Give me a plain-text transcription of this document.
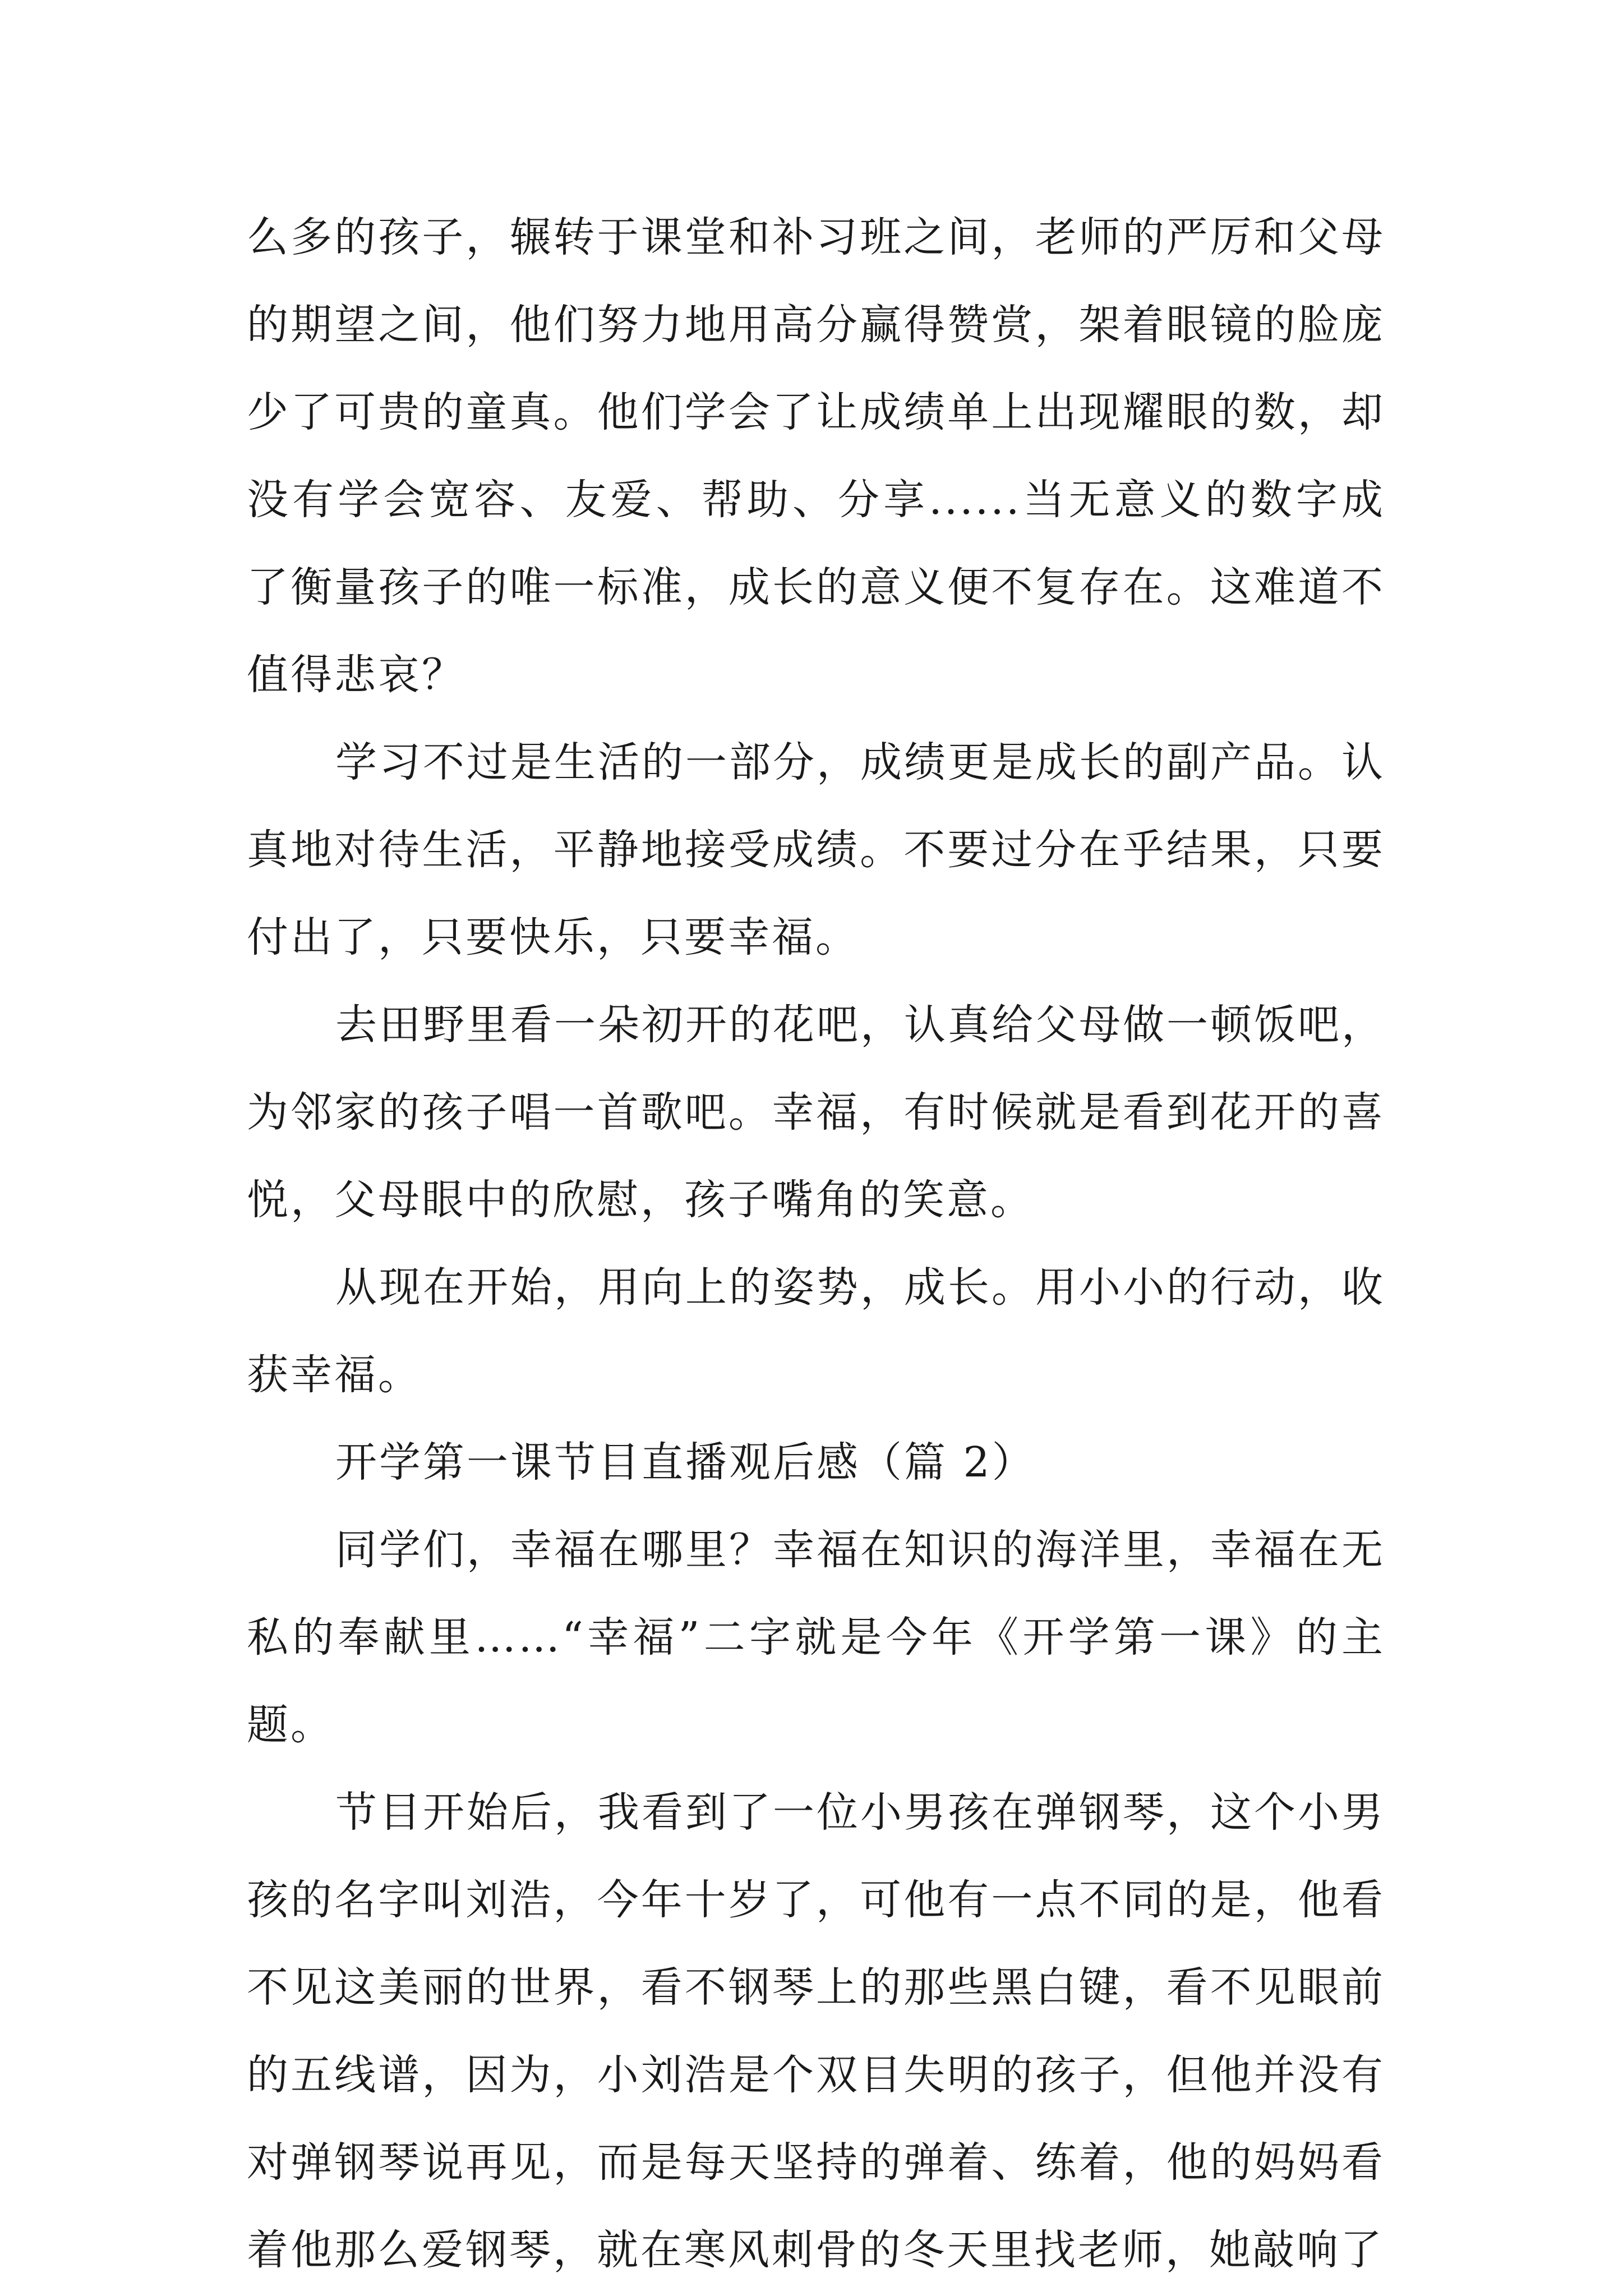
么多的孩子，辗转于课堂和补习班之间，老师的严厉和父母
的期望之间，他们努力地用高分赢得赞赏，架着眼镜的脸庞
少了可贵的童真。他们学会了让成绩单上出现耀眼的数，却
没有学会宽容、友爱、帮助、分享......当无意义的数字成
了衡量孩子的唯一标准，成长的意义便不复存在。这难道不
值得悲哀？
学习不过是生活的一部分，成绩更是成长的副产品。认
真地对待生活，平静地接受成绩。不要过分在乎结果，只要
付出了，只要快乐，只要幸福。
去田野里看一朵初开的花吧，认真给父母做一顿饭吧，
为邻家的孩子唱一首歌吧。幸福，有时候就是看到花开的喜
悦，父母眼中的欣慰，孩子嘴角的笑意。
从现在开始，用向上的姿势，成长。用小小的行动，收
获幸福。
开学第一课节目直播观后感（篇 2）
同学们，幸福在哪里？幸福在知识的海洋里，幸福在无
私的奉献里……“幸福”二字就是今年《开学第一课》的主
题。
节目开始后，我看到了一位小男孩在弹钢琴，这个小男
孩的名字叫刘浩，今年十岁了，可他有一点不同的是，他看
不见这美丽的世界，看不钢琴上的那些黑白键，看不见眼前
的五线谱，因为，小刘浩是个双目失明的孩子，但他并没有
对弹钢琴说再见，而是每天坚持的弹着、练着，他的妈妈看
着他那么爱钢琴，就在寒风刺骨的冬天里找老师，她敲响了
